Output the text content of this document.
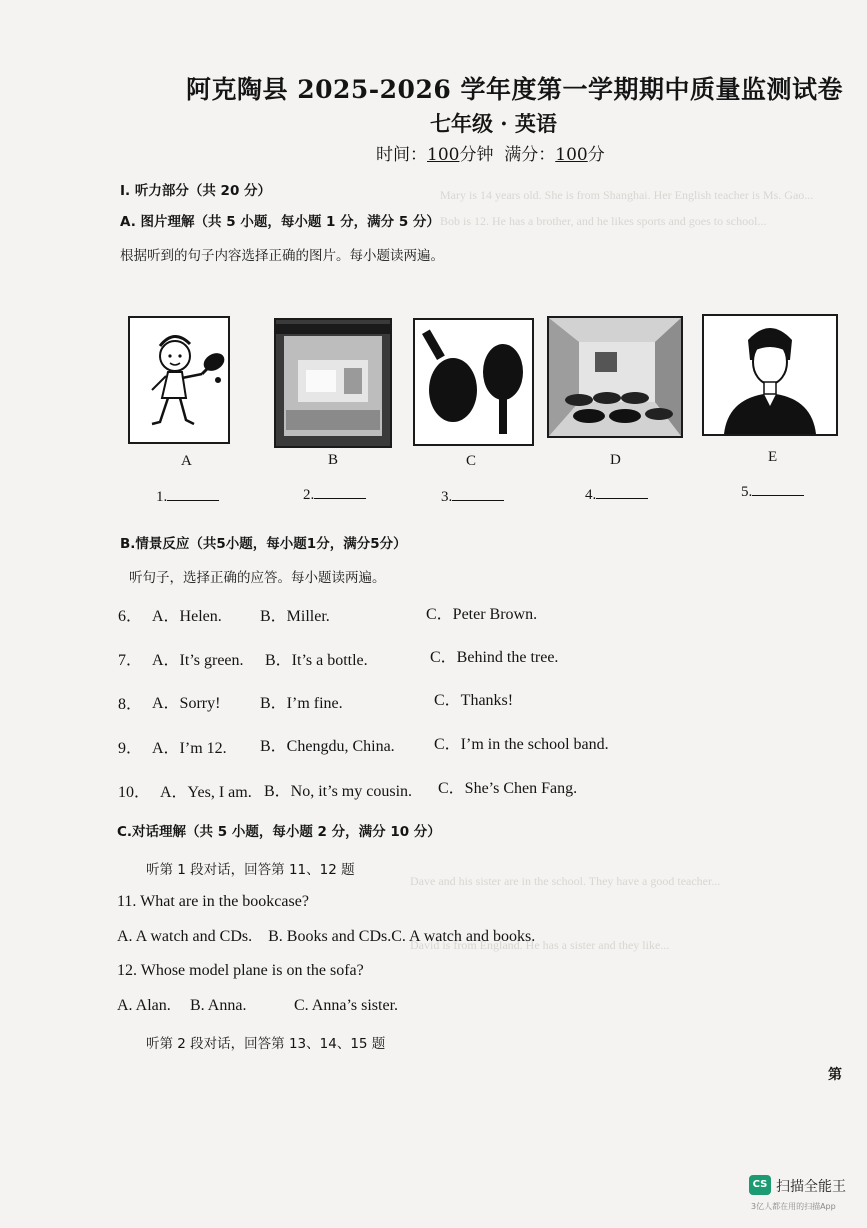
Mary is 14 years old. She is from Shanghai. Her English teacher is Ms. Gao...
Bob is 12. He has a brother, and he likes sports and goes to school...
Dave and his sister are in the school. They have a good teacher...
David is from England. He has a sister and they like...
阿克陶县 2025-2026 学年度第一学期期中质量监测试卷
七年级 · 英语
时间：100分钟 满分：100分
I. 听力部分（共 20 分）
A. 图片理解（共 5 小题，每小题 1 分，满分 5 分）
根据听到的句子内容选择正确的图片。每小题读两遍。
A	B	C	D	E
1.	2.	3.	4.	5.
B.情景反应（共5小题，每小题1分，满分5分）
听句子，选择正确的应答。每小题读两遍。
6． A．Helen. B．Miller.	C．Peter Brown.
7． A．It’s green. B．It’s a bottle.	C．Behind the tree.
8． A．Sorry! B．I’m fine.	C．Thanks!
9． A．I’m 12. B．Chengdu, China. C．I’m in the school band.
10． A．Yes, I am. B．No, it’s my cousin. C．She’s Chen Fang.
C.对话理解（共 5 小题，每小题 2 分，满分 10 分）
听第 1 段对话，回答第 11、12 题
11. What are in the bookcase?
A. A watch and CDs.    B. Books and CDs.C. A watch and books.
12. Whose model plane is on the sofa?
A. Alan. B. Anna.	C. Anna’s sister.
听第 2 段对话，回答第 13、14、15 题
第
CS 扫描全能王
3亿人都在用的扫描App
